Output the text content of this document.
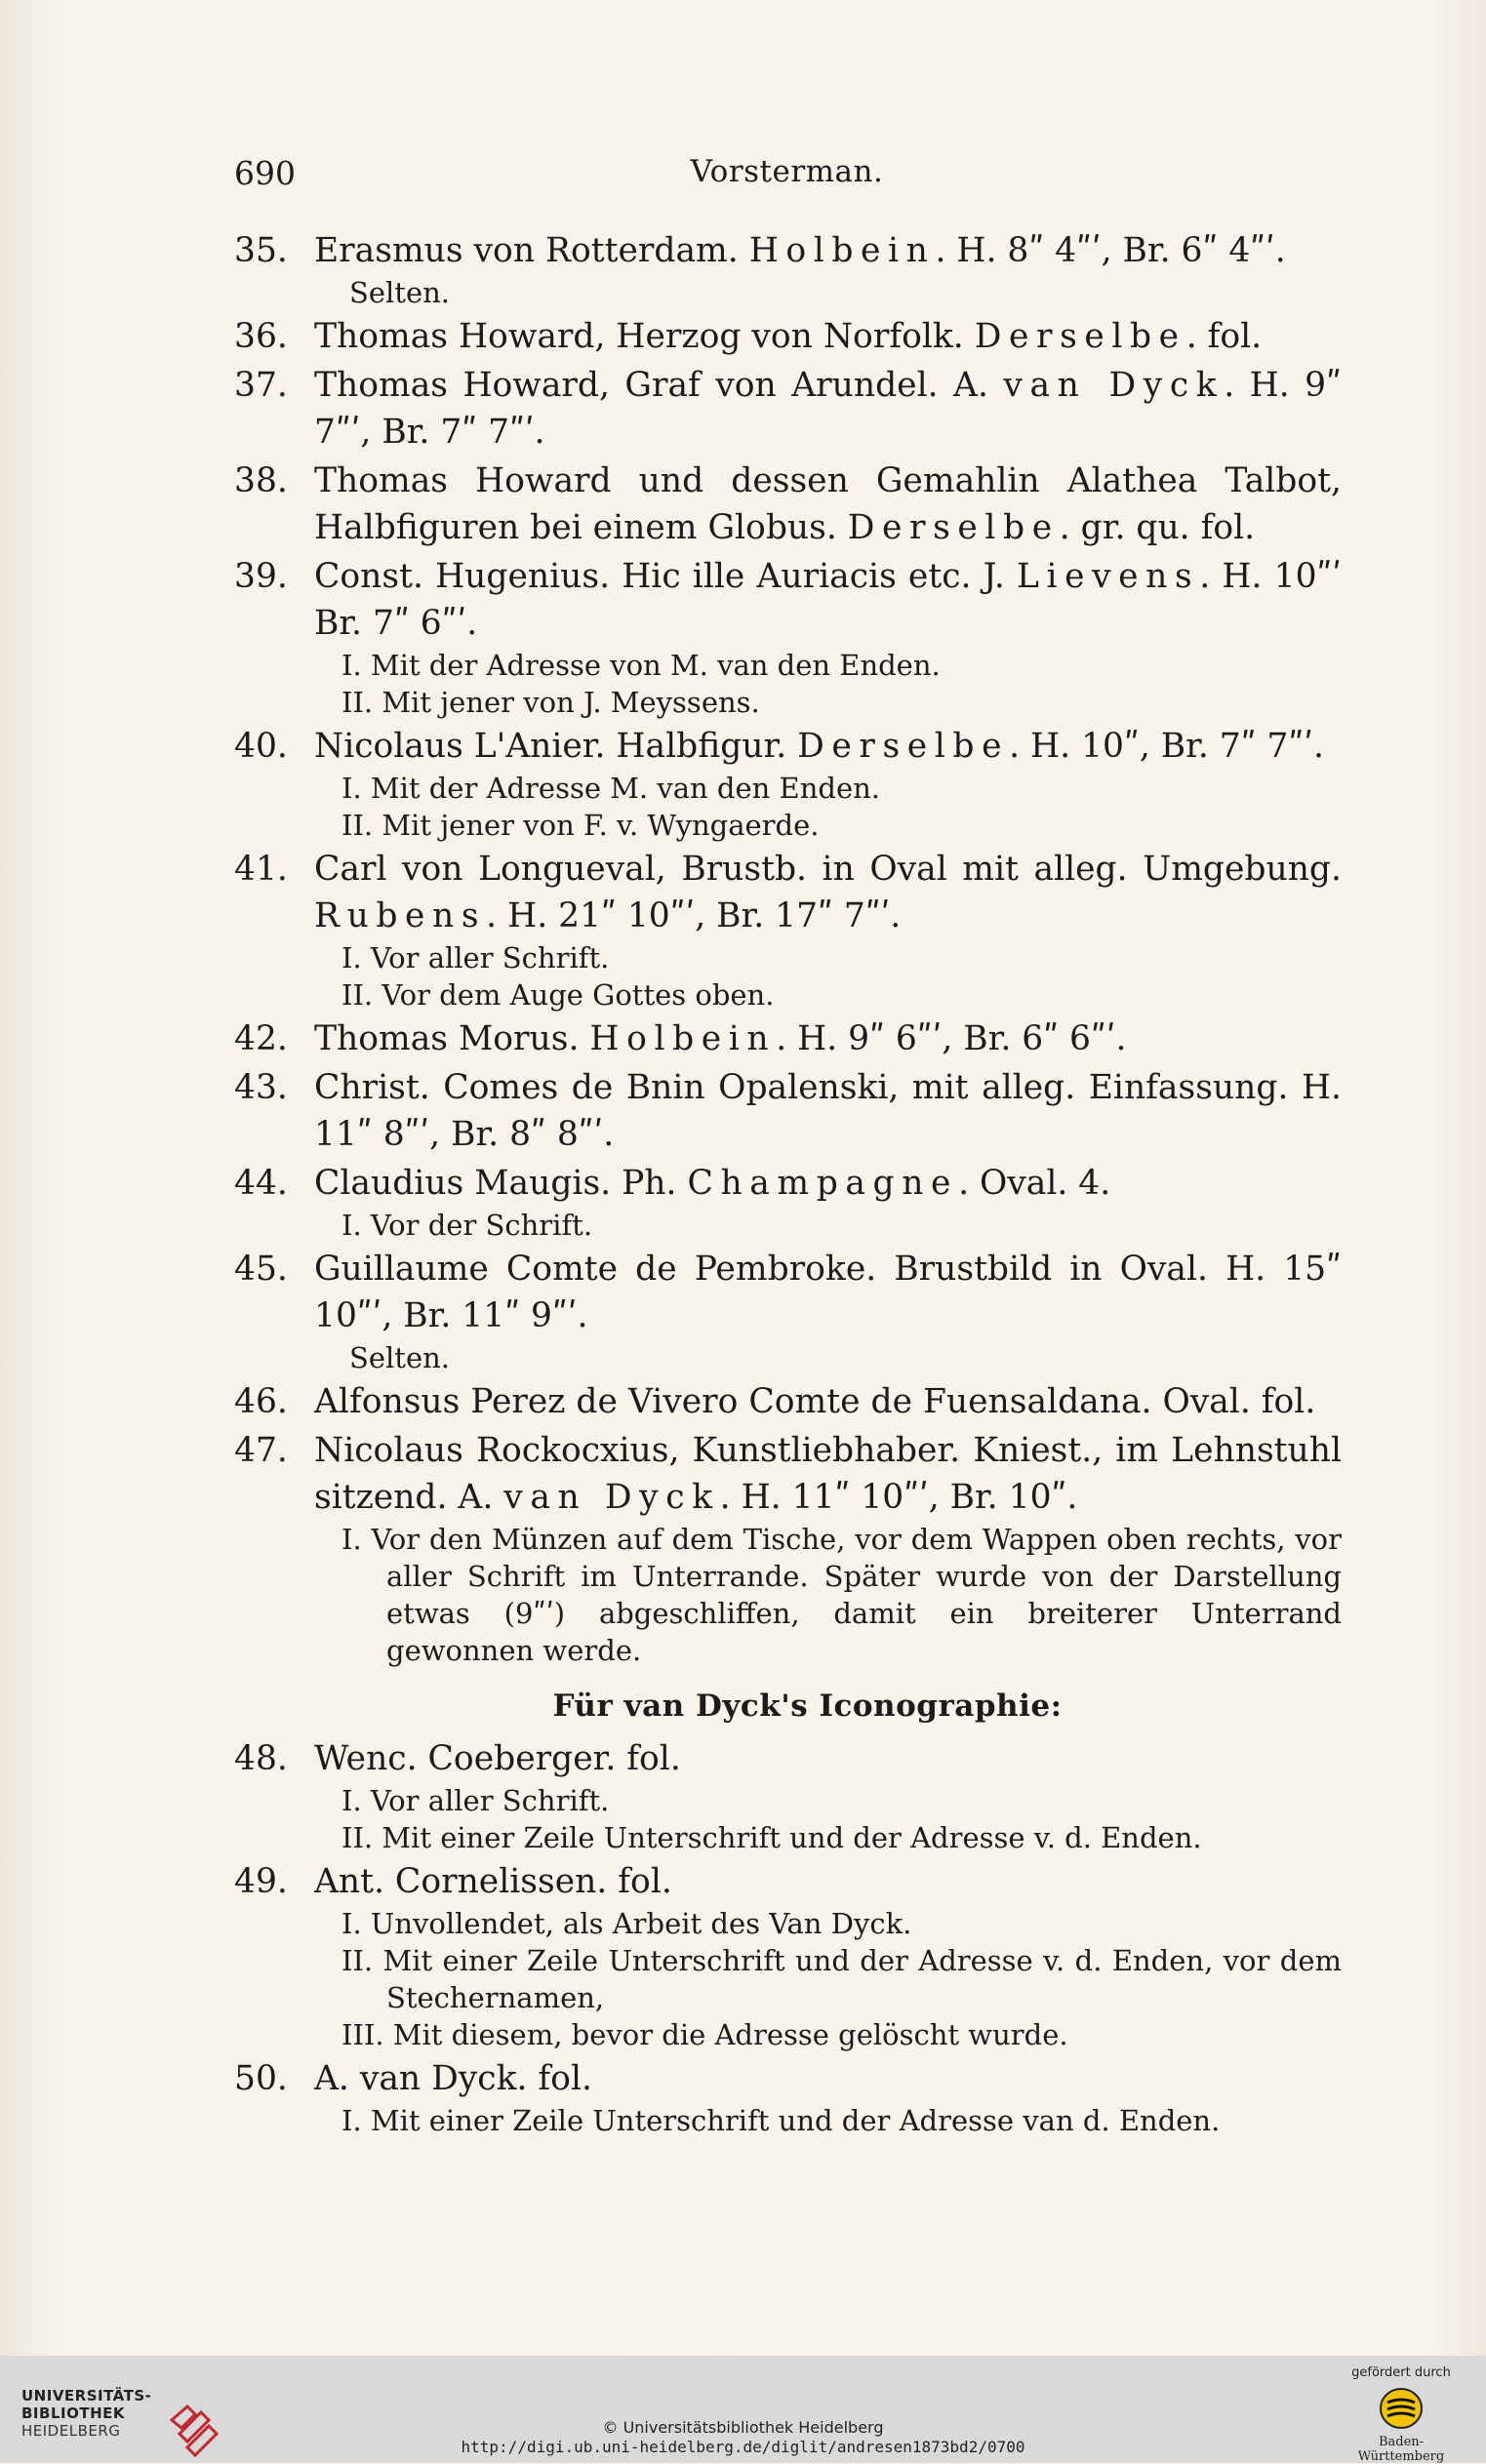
690	Vorsterman.
35. Erasmus von Rotterdam. Holbein. H. 8ʺ 4ʺʹ, Br. 6ʺ 4ʺʹ.
Selten.
36. Thomas Howard, Herzog von Norfolk. Derselbe. fol.
37. Thomas Howard, Graf von Arundel. A. van Dyck. H. 9ʺ 7ʺʹ, Br. 7ʺ 7ʺʹ.
38. Thomas Howard und dessen Gemahlin Alathea Talbot, Halbfiguren bei einem Globus. Derselbe. gr. qu. fol.
39. Const. Hugenius. Hic ille Auriacis etc. J. Lievens. H. 10ʺʹ Br. 7ʺ 6ʺʹ.
I. Mit der Adresse von M. van den Enden.
II. Mit jener von J. Meyssens.
40. Nicolaus L'Anier. Halbfigur. Derselbe. H. 10ʺ, Br. 7ʺ 7ʺʹ.
I. Mit der Adresse M. van den Enden.
II. Mit jener von F. v. Wyngaerde.
41. Carl von Longueval, Brustb. in Oval mit alleg. Umgebung. Rubens. H. 21ʺ 10ʺʹ, Br. 17ʺ 7ʺʹ.
I. Vor aller Schrift.
II. Vor dem Auge Gottes oben.
42. Thomas Morus. Holbein. H. 9ʺ 6ʺʹ, Br. 6ʺ 6ʺʹ.
43. Christ. Comes de Bnin Opalenski, mit alleg. Einfassung. H. 11ʺ 8ʺʹ, Br. 8ʺ 8ʺʹ.
44. Claudius Maugis. Ph. Champagne. Oval. 4.
I. Vor der Schrift.
45. Guillaume Comte de Pembroke. Brustbild in Oval. H. 15ʺ 10ʺʹ, Br. 11ʺ 9ʺʹ.
Selten.
46. Alfonsus Perez de Vivero Comte de Fuensaldana. Oval. fol.
47. Nicolaus Rockocxius, Kunstliebhaber. Kniest., im Lehnstuhl sitzend. A. van Dyck. H. 11ʺ 10ʺʹ, Br. 10ʺ.
I. Vor den Münzen auf dem Tische, vor dem Wappen oben rechts, vor aller Schrift im Unterrande. Später wurde von der Darstellung etwas (9ʺʹ) abgeschliffen, damit ein breiterer Unterrand gewonnen werde.
Für van Dyck's Iconographie:
48. Wenc. Coeberger. fol.
I. Vor aller Schrift.
II. Mit einer Zeile Unterschrift und der Adresse v. d. Enden.
49. Ant. Cornelissen. fol.
I. Unvollendet, als Arbeit des Van Dyck.
II. Mit einer Zeile Unterschrift und der Adresse v. d. Enden, vor dem Stechernamen,
III. Mit diesem, bevor die Adresse gelöscht wurde.
50. A. van Dyck. fol.
I. Mit einer Zeile Unterschrift und der Adresse van d. Enden.
UNIVERSITÄTS-
BIBLIOTHEK
HEIDELBERG	© Universitätsbibliothek Heidelberg
http://digi.ub.uni-heidelberg.de/diglit/andresen1873bd2/0700
gefördert durch
Baden-Württemberg
